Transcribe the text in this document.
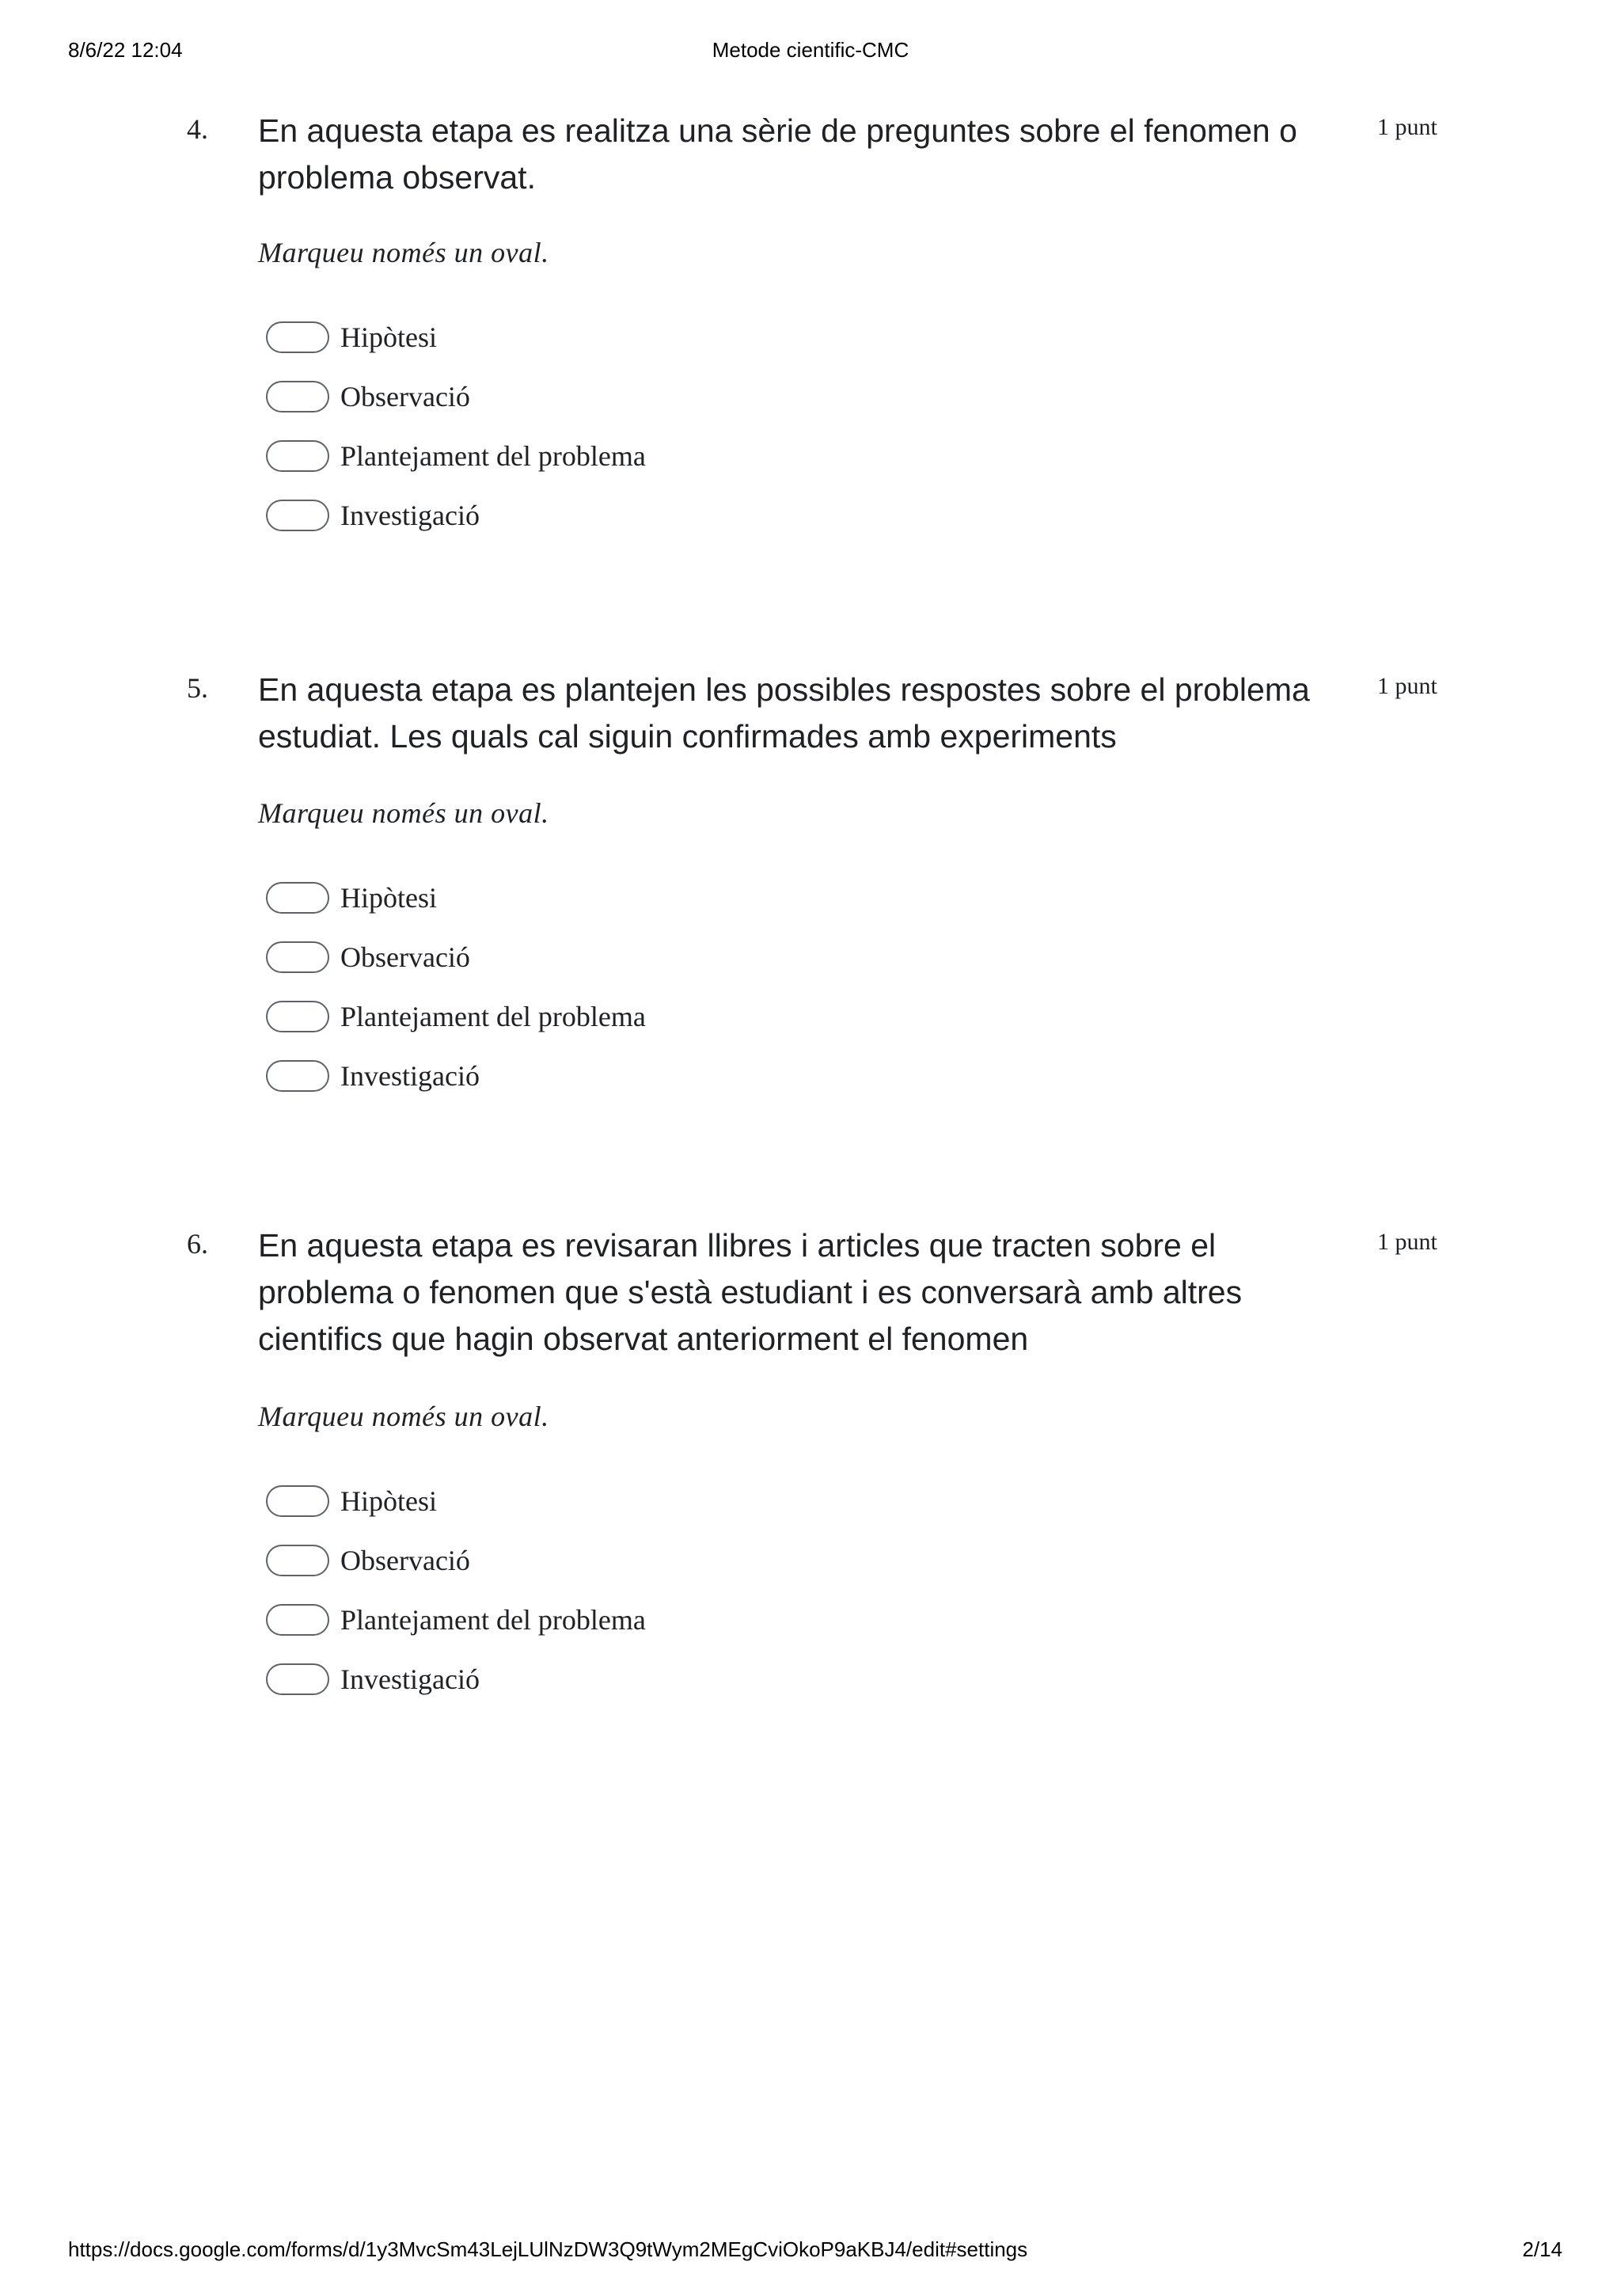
8/6/22 12:04	Metode cientific-CMC
4. En aquesta etapa es realitza una sèrie de preguntes sobre el fenomen o problema observat.
1 punt
Marqueu només un oval.
Hipòtesi
Observació
Plantejament del problema
Investigació
5. En aquesta etapa es plantejen les possibles respostes sobre el problema estudiat. Les quals cal siguin confirmades amb experiments
1 punt
Marqueu només un oval.
Hipòtesi
Observació
Plantejament del problema
Investigació
6. En aquesta etapa es revisaran llibres i articles que tracten sobre el problema o fenomen que s'està estudiant i es conversarà amb altres cientifics que hagin observat anteriorment el fenomen
1 punt
Marqueu només un oval.
Hipòtesi
Observació
Plantejament del problema
Investigació
https://docs.google.com/forms/d/1y3MvcSm43LejLUlNzDW3Q9tWym2MEgCviOkoP9aKBJ4/edit#settings	2/14
